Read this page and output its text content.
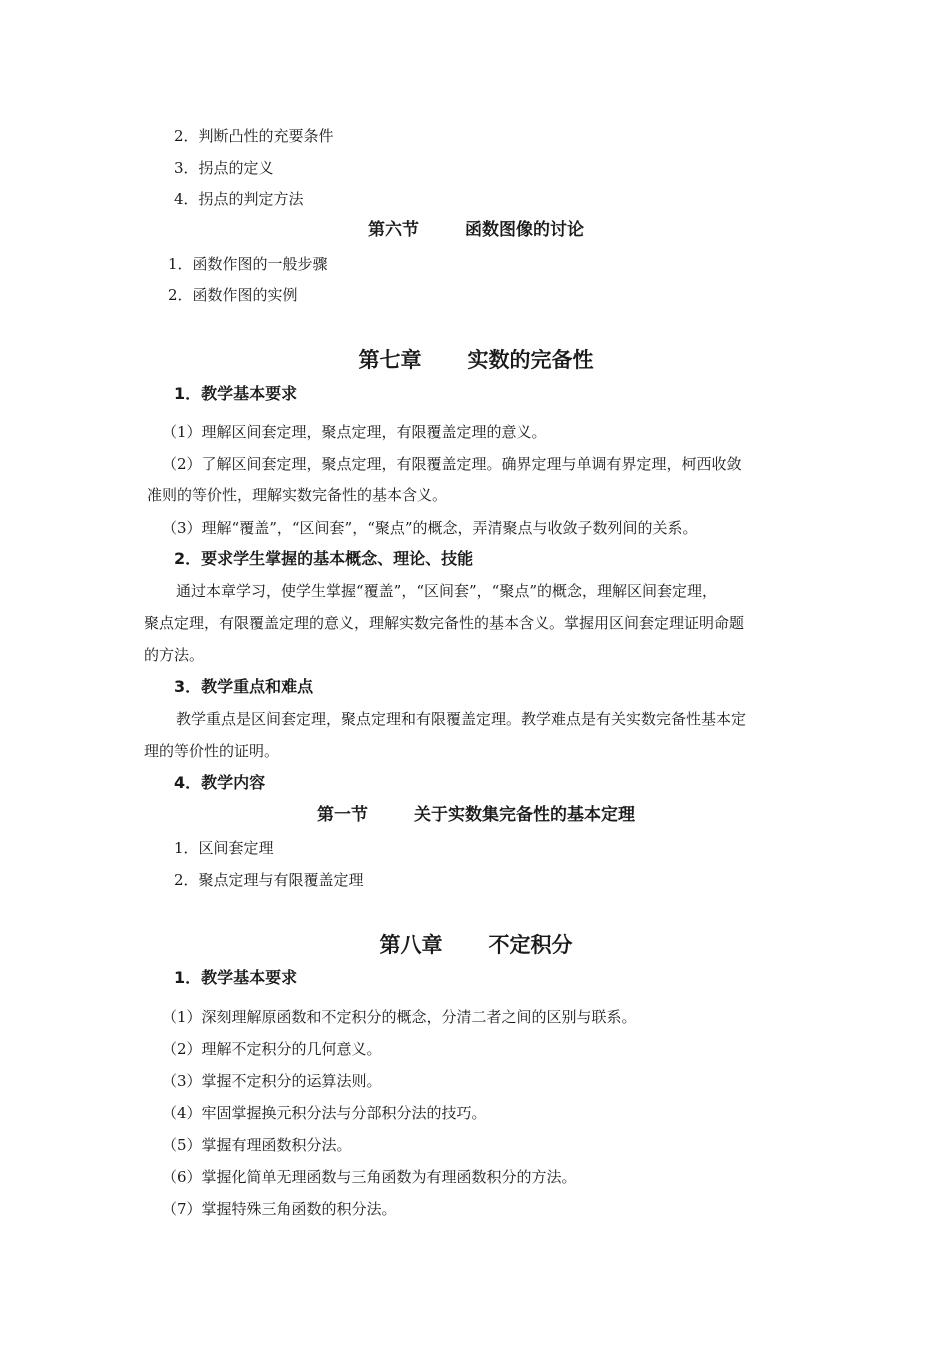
2．判断凸性的充要条件
3．拐点的定义
4．拐点的判定方法
第六节	函数图像的讨论
1．函数作图的一般步骤
2．函数作图的实例
第七章 实数的完备性
1．教学基本要求
（1）理解区间套定理，聚点定理，有限覆盖定理的意义。
（2）了解区间套定理，聚点定理，有限覆盖定理。确界定理与单调有界定理，柯西收敛
准则的等价性，理解实数完备性的基本含义。
（3）理解“覆盖”，“区间套”，“聚点”的概念，弄清聚点与收敛子数列间的关系。
2．要求学生掌握的基本概念、理论、技能
通过本章学习，使学生掌握“覆盖”，“区间套”，“聚点”的概念，理解区间套定理，
聚点定理，有限覆盖定理的意义，理解实数完备性的基本含义。掌握用区间套定理证明命题
的方法。
3．教学重点和难点
教学重点是区间套定理，聚点定理和有限覆盖定理。教学难点是有关实数完备性基本定
理的等价性的证明。
4．教学内容
第一节	关于实数集完备性的基本定理
1．区间套定理
2．聚点定理与有限覆盖定理
第八章 不定积分
1．教学基本要求
（1）深刻理解原函数和不定积分的概念，分清二者之间的区别与联系。
（2）理解不定积分的几何意义。
（3）掌握不定积分的运算法则。
（4）牢固掌握换元积分法与分部积分法的技巧。
（5）掌握有理函数积分法。
（6）掌握化简单无理函数与三角函数为有理函数积分的方法。
（7）掌握特殊三角函数的积分法。
